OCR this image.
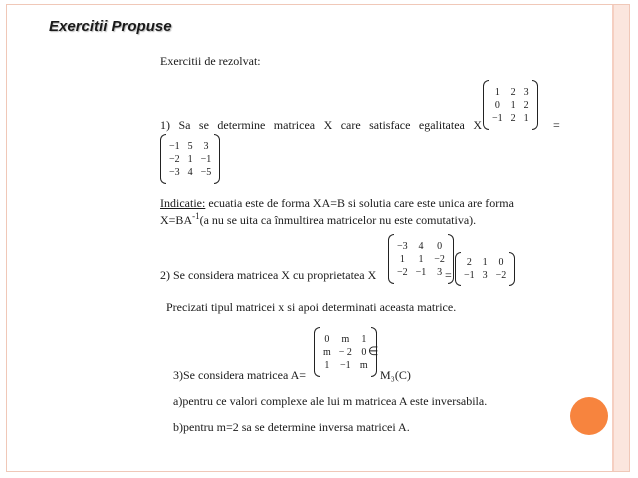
Exercitii Propuse
Exercitii de rezolvat:
1) Sa se determine matricea X care satisface egalitatea X
1 2 3
0 1 2
−1 2 1 =
−1 5 3
−2 1 −1
−3 4 −5
Indicatie: ecuatia este de forma XA=B si solutia care este unica are forma
$X=BA^{-1}(a$ nu se uita ca înmultirea matricelor nu este comutativa).
2) Se considera matricea X cu proprietatea X
−3 4 0
1 1 −2
−2 −1 3 =
2 1 0
−1 3 −2
Precizati tipul matricei x si apoi determinati aceasta matrice.
3)Se considera matricea A=
0 m 1
m − 2 0
1 −1 m
∈
M₃(C)
a)pentru ce valori complexe ale lui m matricea A este inversabila.
b)pentru m=2 sa se determine inversa matricei A.
